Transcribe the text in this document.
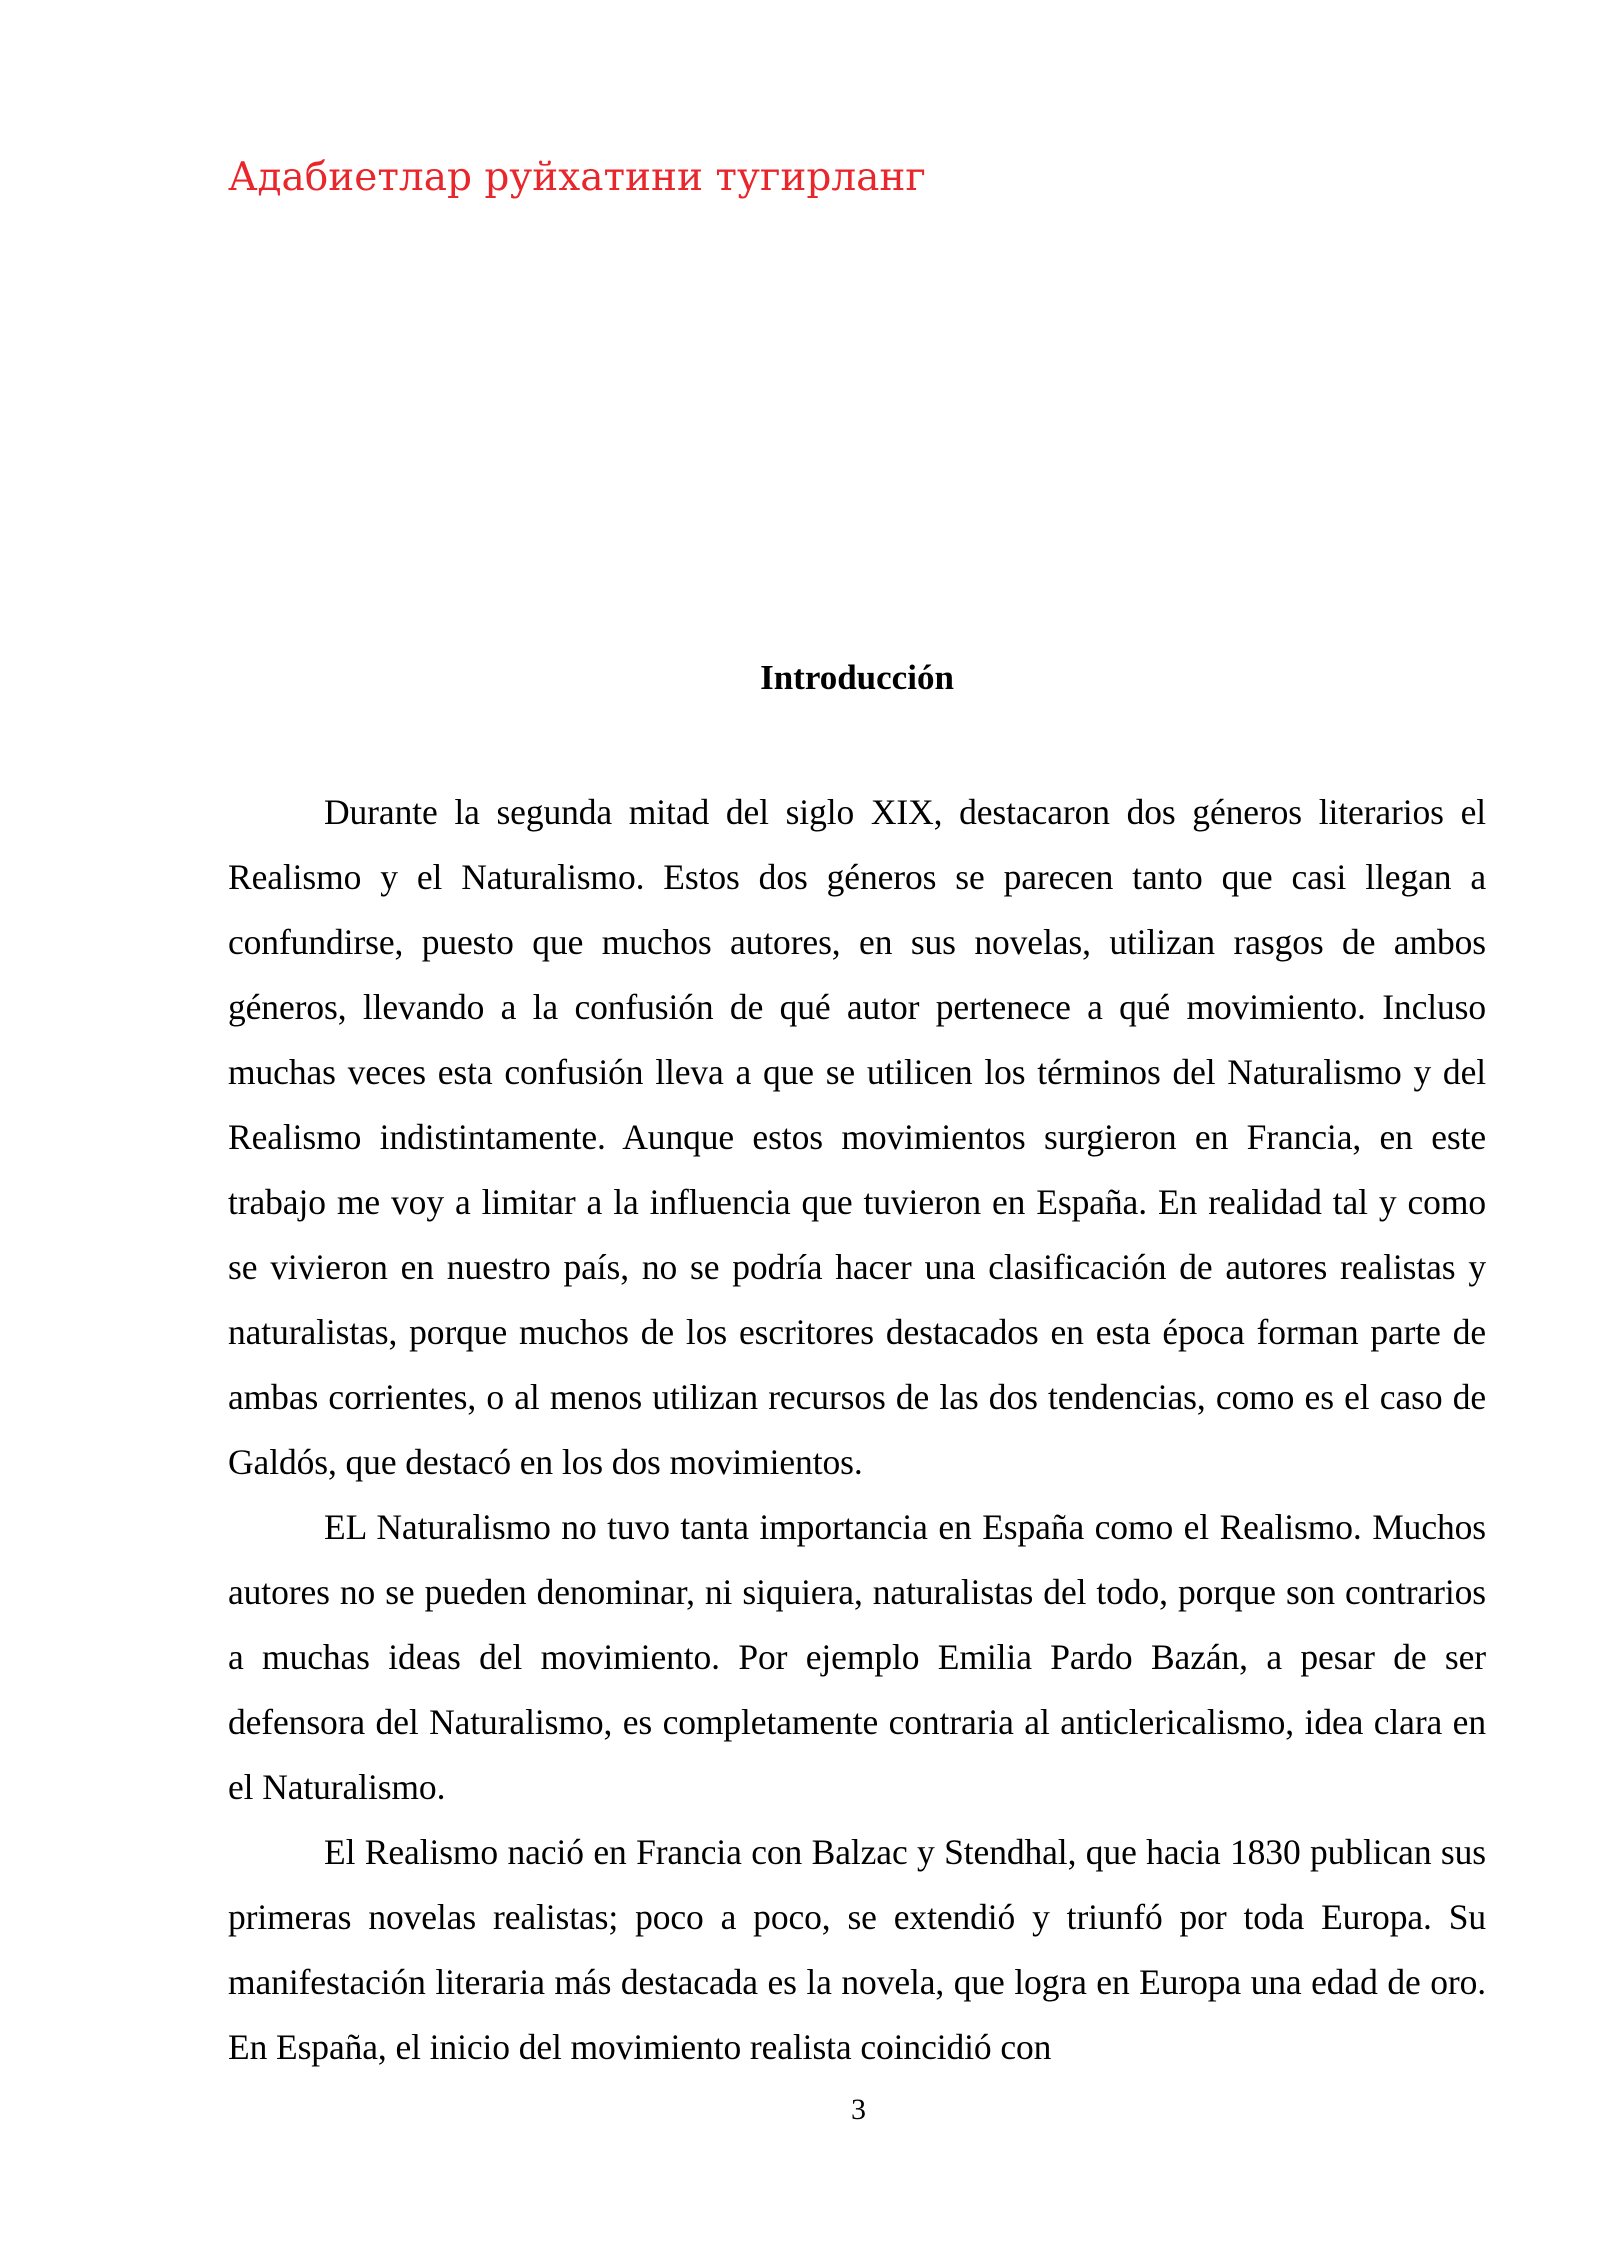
Адабиетлар руйхатини тугирланг

Introducción

Durante la segunda mitad del siglo XIX, destacaron dos géneros literarios el Realismo y el Naturalismo. Estos dos géneros se parecen tanto que casi llegan a confundirse, puesto que muchos autores, en sus novelas, utilizan rasgos de ambos géneros, llevando a la confusión de qué autor pertenece a qué movimiento. Incluso muchas veces esta confusión lleva a que se utilicen los términos del Naturalismo y del Realismo indistintamente. Aunque estos movimientos surgieron en Francia, en este trabajo me voy a limitar a la influencia que tuvieron en España. En realidad tal y como se vivieron en nuestro país, no se podría hacer una clasificación de autores realistas y naturalistas, porque muchos de los escritores destacados en esta época forman parte de ambas corrientes, o al menos utilizan recursos de las dos tendencias, como es el caso de Galdós, que destacó en los dos movimientos.

EL Naturalismo no tuvo tanta importancia en España como el Realismo. Muchos autores no se pueden denominar, ni siquiera, naturalistas del todo, porque son contrarios a muchas ideas del movimiento. Por ejemplo Emilia Pardo Bazán, a pesar de ser defensora del Naturalismo, es completamente contraria al anticlericalismo, idea clara en el Naturalismo.

El Realismo nació en Francia con Balzac y Stendhal, que hacia 1830 publican sus primeras novelas realistas; poco a poco, se extendió y triunfó por toda Europa. Su manifestación literaria más destacada es la novela, que logra en Europa una edad de oro. En España, el inicio del movimiento realista coincidió con

3
